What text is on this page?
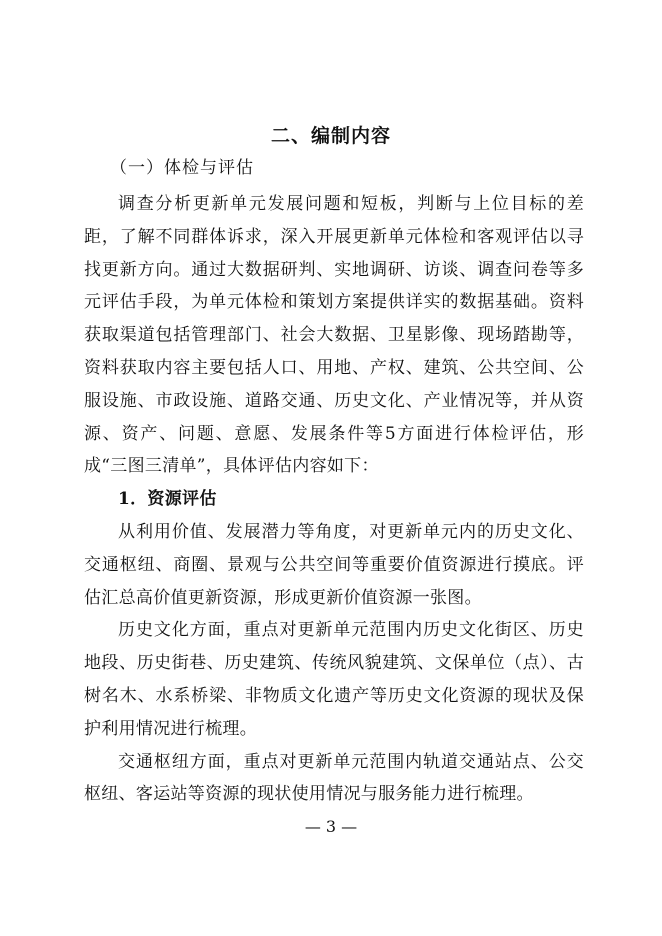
二、编制内容
（一）体检与评估

调查分析更新单元发展问题和短板，判断与上位目标的差距，了解不同群体诉求，深入开展更新单元体检和客观评估以寻找更新方向。通过大数据研判、实地调研、访谈、调查问卷等多元评估手段，为单元体检和策划方案提供详实的数据基础。资料获取渠道包括管理部门、社会大数据、卫星影像、现场踏勘等，资料获取内容主要包括人口、用地、产权、建筑、公共空间、公服设施、市政设施、道路交通、历史文化、产业情况等，并从资源、资产、问题、意愿、发展条件等5方面进行体检评估，形成“三图三清单”，具体评估内容如下：

1．资源评估

从利用价值、发展潜力等角度，对更新单元内的历史文化、交通枢纽、商圈、景观与公共空间等重要价值资源进行摸底。评估汇总高价值更新资源，形成更新价值资源一张图。

历史文化方面，重点对更新单元范围内历史文化街区、历史地段、历史街巷、历史建筑、传统风貌建筑、文保单位（点）、古树名木、水系桥梁、非物质文化遗产等历史文化资源的现状及保护利用情况进行梳理。

交通枢纽方面，重点对更新单元范围内轨道交通站点、公交枢纽、客运站等资源的现状使用情况与服务能力进行梳理。

— 3 —
